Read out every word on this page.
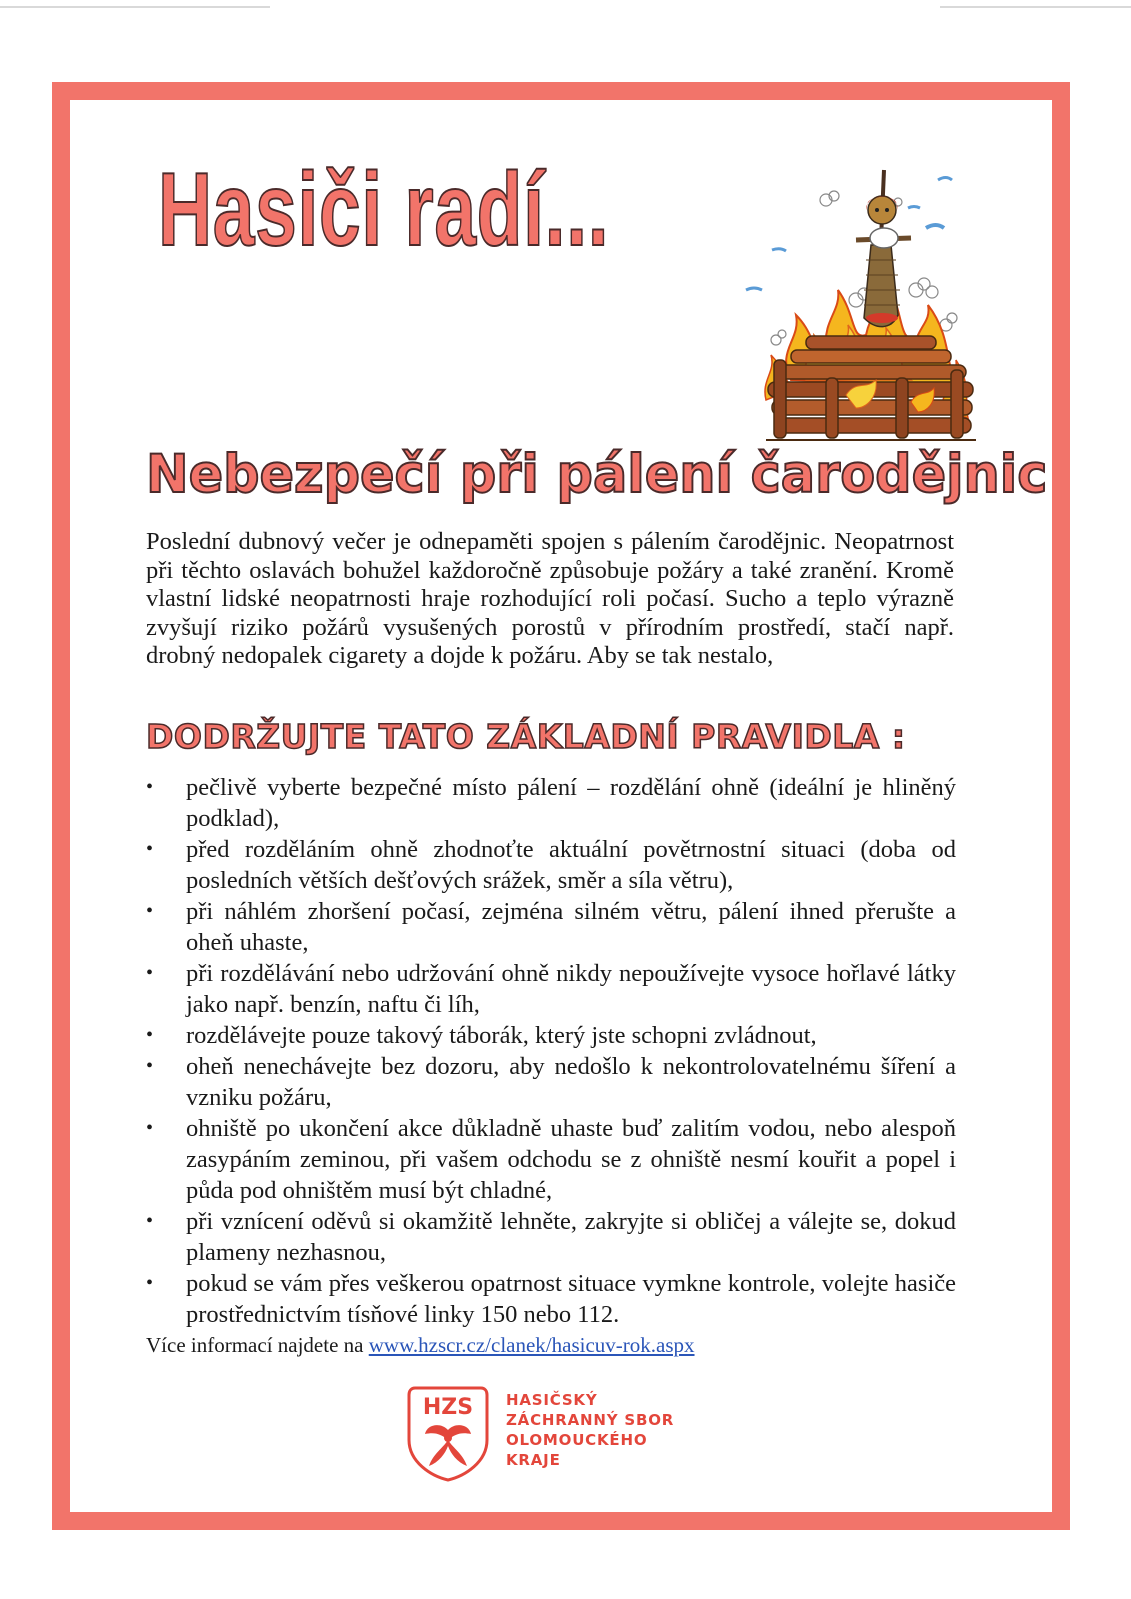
Hasiči radí...
Nebezpečí při pálení čarodějnic

Poslední dubnový večer je odnepaměti spojen s pálením čarodějnic. Neopatrnost při těchto oslavách bohužel každoročně způsobuje požáry a také zranění. Kromě vlastní lidské neopatrnosti hraje rozhodující roli počasí. Sucho a teplo výrazně zvyšují riziko požárů vysušených porostů v přírodním prostředí, stačí např. drobný nedopalek cigarety a dojde k požáru. Aby se tak nestalo,

DODRŽUJTE TATO ZÁKLADNÍ PRAVIDLA :
• pečlivě vyberte bezpečné místo pálení – rozdělání ohně (ideální je hliněný podklad),
• před rozděláním ohně zhodnoťte aktuální povětrnostní situaci (doba od posledních větších dešťových srážek, směr a síla větru),
• při náhlém zhoršení počasí, zejména silném větru, pálení ihned přerušte a oheň uhaste,
• při rozdělávání nebo udržování ohně nikdy nepoužívejte vysoce hořlavé látky jako např. benzín, naftu či líh,
• rozdělávejte pouze takový táborák, který jste schopni zvládnout,
• oheň nenechávejte bez dozoru, aby nedošlo k nekontrolovatelnému šíření a vzniku požáru,
• ohniště po ukončení akce důkladně uhaste buď zalitím vodou, nebo alespoň zasypáním zeminou, při vašem odchodu se z ohniště nesmí kouřit a popel i půda pod ohništěm musí být chladné,
• při vznícení oděvů si okamžitě lehněte, zakryjte si obličej a válejte se, dokud plameny nezhasnou,
• pokud se vám přes veškerou opatrnost situace vymkne kontrole, volejte hasiče prostřednictvím tísňové linky 150 nebo 112.

Více informací najdete na www.hzscr.cz/clanek/hasicuv-rok.aspx

HZS HASIČSKÝ
ZÁCHRANNÝ SBOR
OLOMOUCKÉHO
KRAJE
